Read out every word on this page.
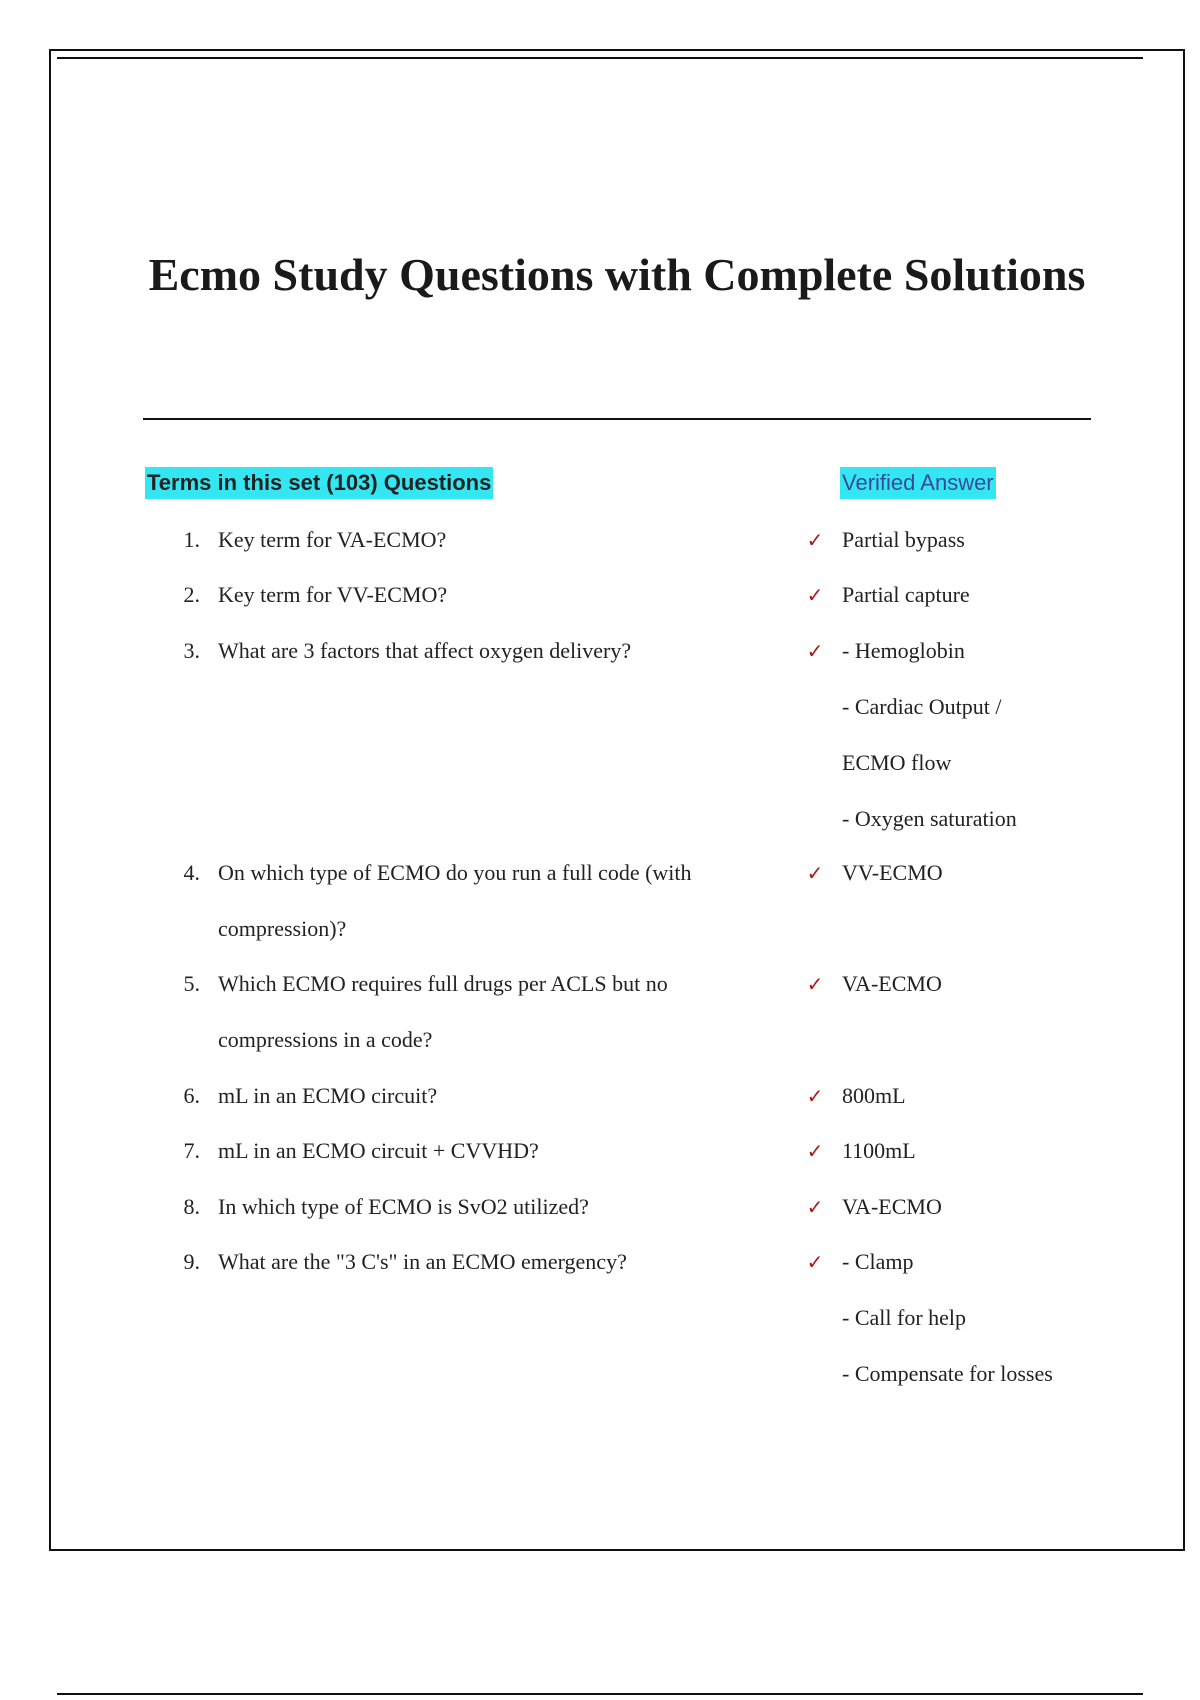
Ecmo Study Questions with Complete Solutions
Terms in this set (103) Questions	Verified Answer
1. Key term for VA-ECMO?	✓ Partial bypass
2. Key term for VV-ECMO?	✓ Partial capture
3. What are 3 factors that affect oxygen delivery?	✓ - Hemoglobin
- Cardiac Output /
ECMO flow
- Oxygen saturation
4. On which type of ECMO do you run a full code (with compression)?
✓ VV-ECMO
5. Which ECMO requires full drugs per ACLS but no compressions in a code?
✓ VA-ECMO
6. mL in an ECMO circuit?	✓ 800mL
7. mL in an ECMO circuit + CVVHD?	✓ 1100mL
8. In which type of ECMO is SvO2 utilized?	✓ VA-ECMO
9. What are the "3 C's" in an ECMO emergency?	✓ - Clamp
- Call for help
- Compensate for losses
